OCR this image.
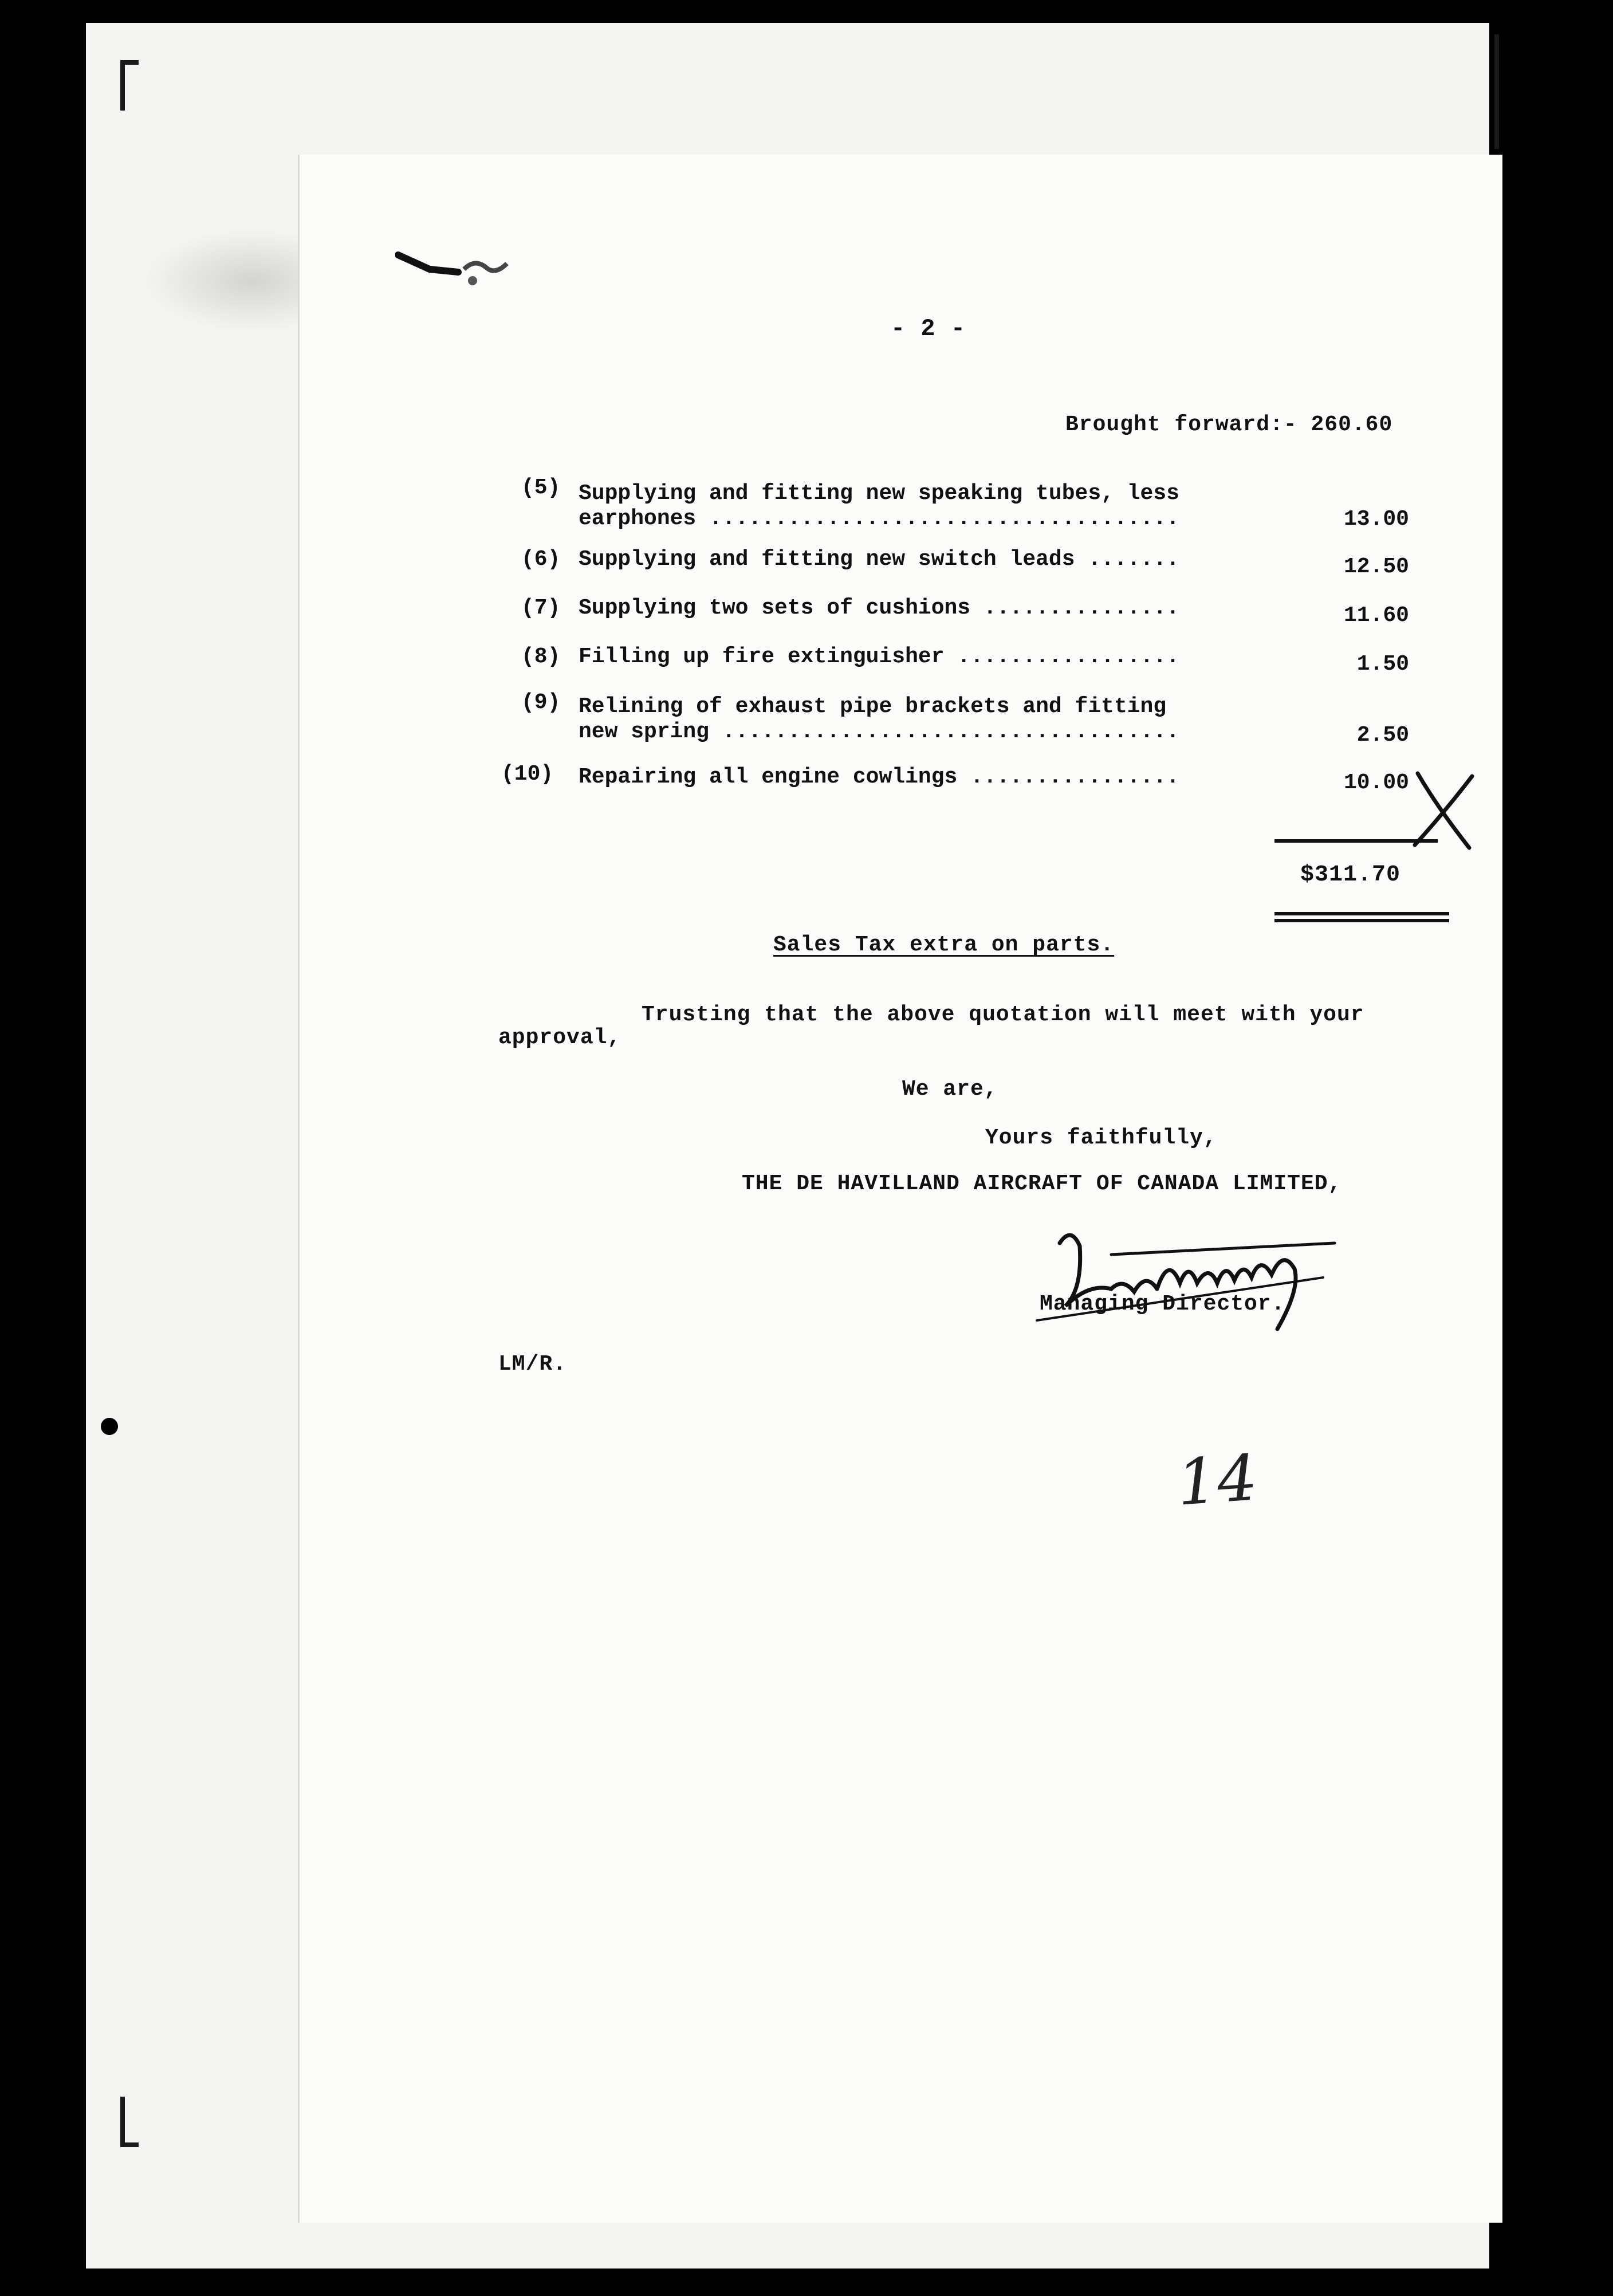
- 2 -
Brought forward:- 260.60
(5) Supplying and fitting new speaking tubes, less
earphones ....................................	13.00
(6) Supplying and fitting new switch leads .......	12.50
(7) Supplying two sets of cushions ...............	11.60
(8) Filling up fire extinguisher .................	1.50
(9) Relining of exhaust pipe brackets and fitting
new spring ...................................	2.50
(10) Repairing all engine cowlings ................	10.00
$311.70
Sales Tax extra on parts.
Trusting that the above quotation will meet with your
approval,
We are,
Yours faithfully,
THE DE HAVILLAND AIRCRAFT OF CANADA LIMITED,
Managing Director.
LM/R.
14
